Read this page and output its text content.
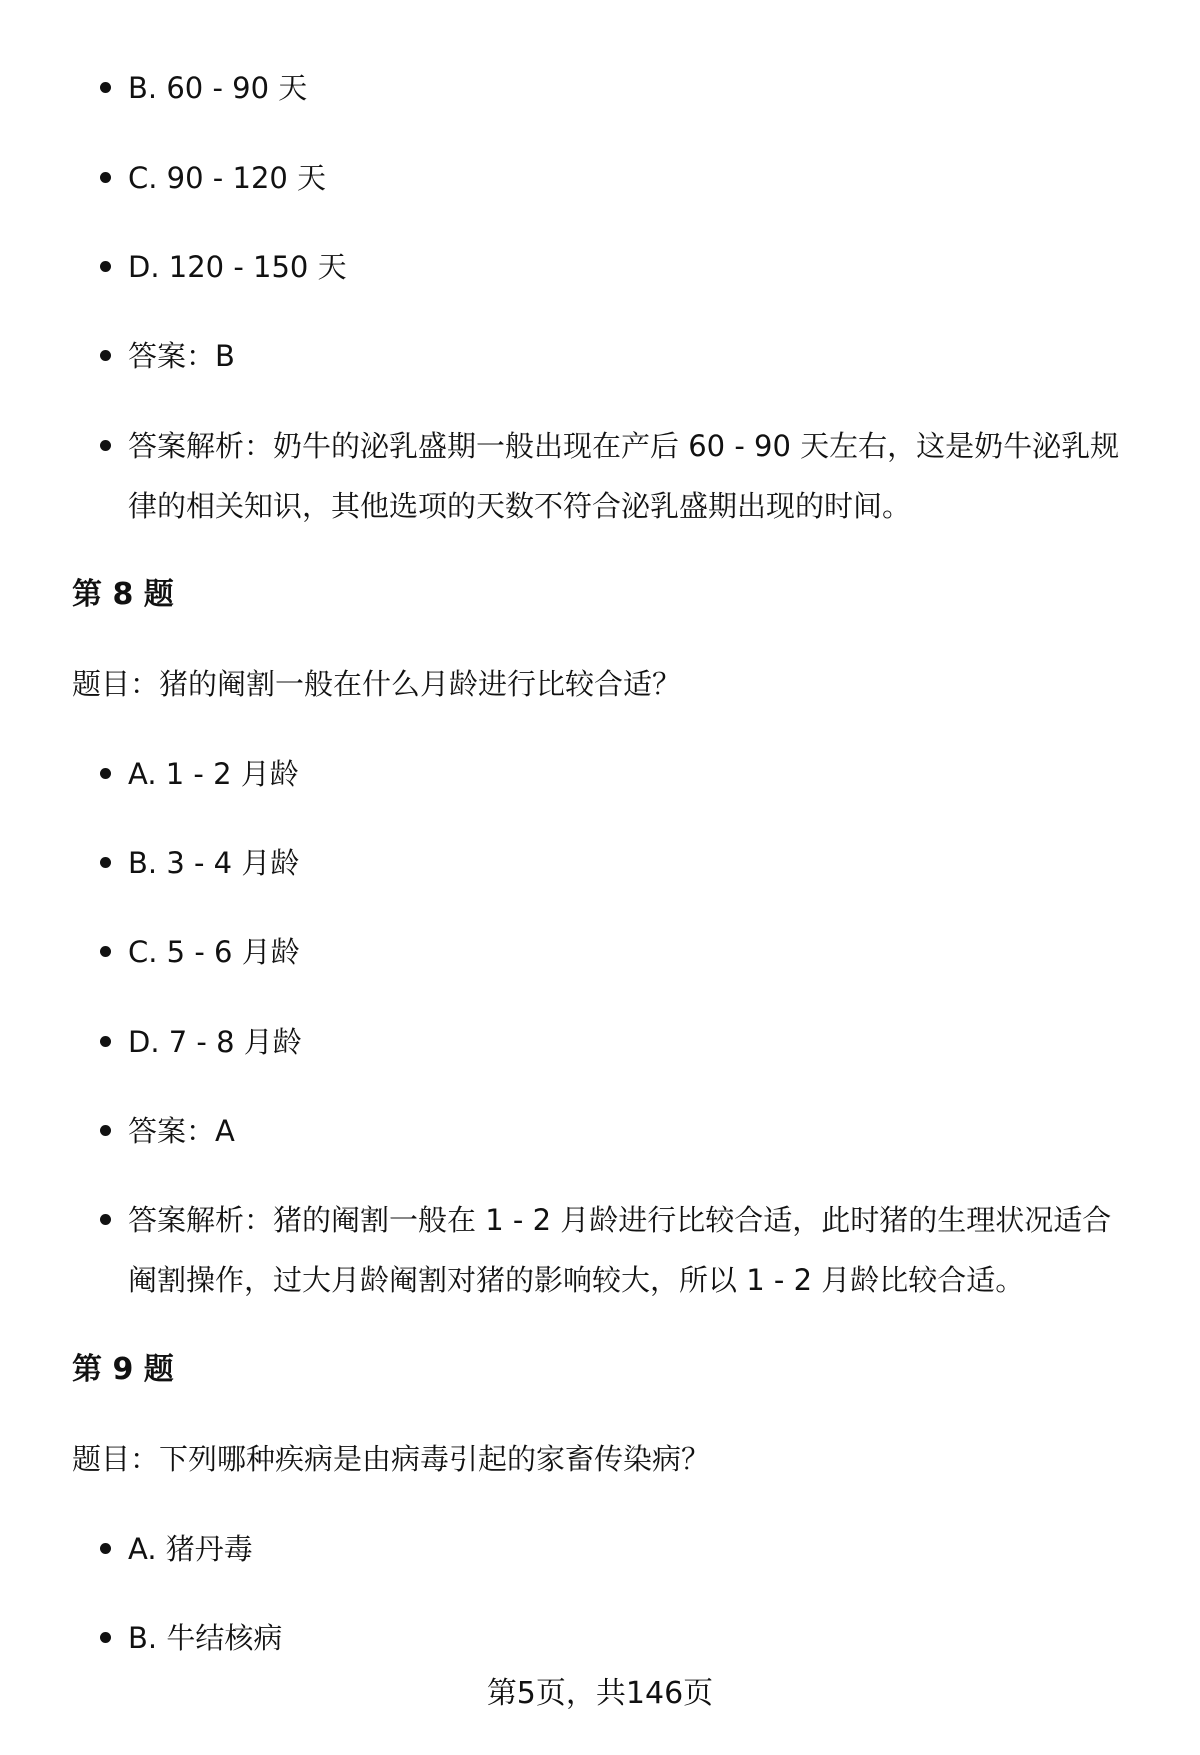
B. 60 - 90 天

C. 90 - 120 天

D. 120 - 150 天

答案：B

答案解析：奶牛的泌乳盛期一般出现在产后 60 - 90 天左右，这是奶牛泌乳规律的相关知识，其他选项的天数不符合泌乳盛期出现的时间。

第 8 题

题目：猪的阉割一般在什么月龄进行比较合适？

A. 1 - 2 月龄

B. 3 - 4 月龄

C. 5 - 6 月龄

D. 7 - 8 月龄

答案：A

答案解析：猪的阉割一般在 1 - 2 月龄进行比较合适，此时猪的生理状况适合阉割操作，过大月龄阉割对猪的影响较大，所以 1 - 2 月龄比较合适。

第 9 题

题目：下列哪种疾病是由病毒引起的家畜传染病？

A. 猪丹毒

B. 牛结核病

第5页，共146页
